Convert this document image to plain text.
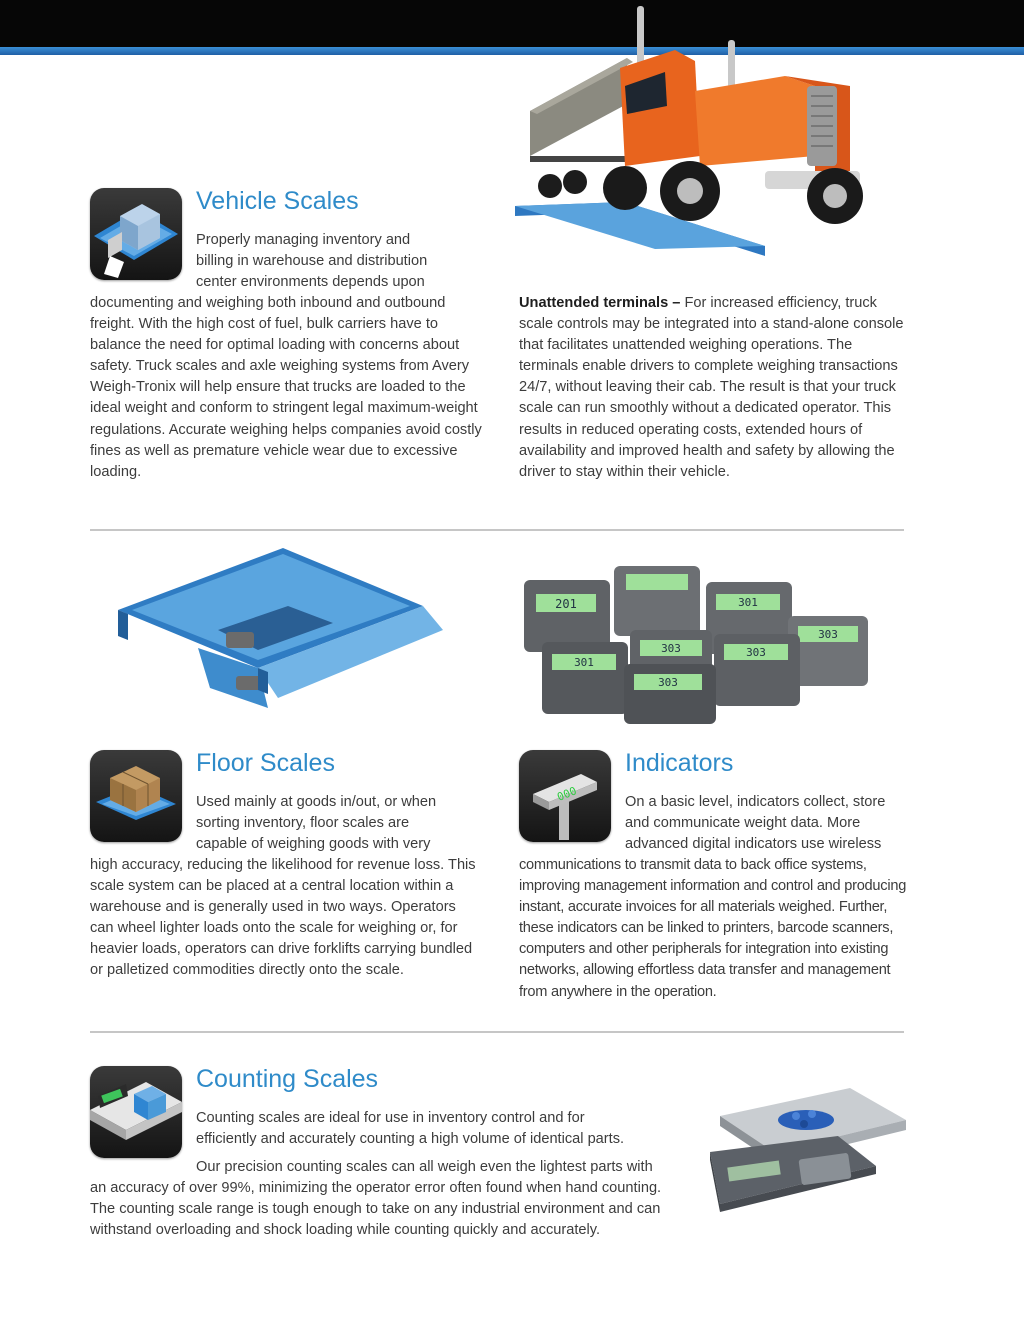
Vehicle Scales

Properly managing inventory and
billing in warehouse and distribution
center environments depends upon

documenting and weighing both inbound and outbound freight. With the high cost of fuel, bulk carriers have to balance the need for optimal loading with concerns about safety. Truck scales and axle weighing systems from Avery Weigh-Tronix will help ensure that trucks are loaded to the ideal weight and conform to stringent legal maximum-weight regulations. Accurate weighing helps companies avoid costly fines as well as premature vehicle wear due to excessive loading.

Unattended terminals – For increased efficiency, truck scale controls may be integrated into a stand-alone console that facilitates unattended weighing operations. The terminals enable drivers to complete weighing transactions 24/7, without leaving their cab. The result is that your truck scale can run smoothly without a dedicated operator. This results in reduced operating costs, extended hours of availability and improved health and safety by allowing the driver to stay within their vehicle.

201	301
303
301
303	303
303
Floor Scales

Used mainly at goods in/out, or when
sorting inventory, floor scales are
capable of weighing goods with very

high accuracy, reducing the likelihood for revenue loss. This scale system can be placed at a central location within a warehouse and is generally used in two ways. Operators can wheel lighter loads onto the scale for weighing or, for heavier loads, operators can drive forklifts carrying bundled or palletized commodities directly onto the scale.

000
Indicators

On a basic level, indicators collect, store
and communicate weight data. More
advanced digital indicators use wireless

communications to transmit data to back office systems, improving management information and control and producing instant, accurate invoices for all materials weighed. Further, these indicators can be linked to printers, barcode scanners, computers and other peripherals for integration into existing networks, allowing effortless data transfer and management from anywhere in the operation.

Counting Scales

Counting scales are ideal for use in inventory control and for
efficiently and accurately counting a high volume of identical parts.

Our precision counting scales can all weigh even the lightest parts with

an accuracy of over 99%, minimizing the operator error often found when hand counting. The counting scale range is tough enough to take on any industrial environment and can withstand overloading and shock loading while counting quickly and accurately.
